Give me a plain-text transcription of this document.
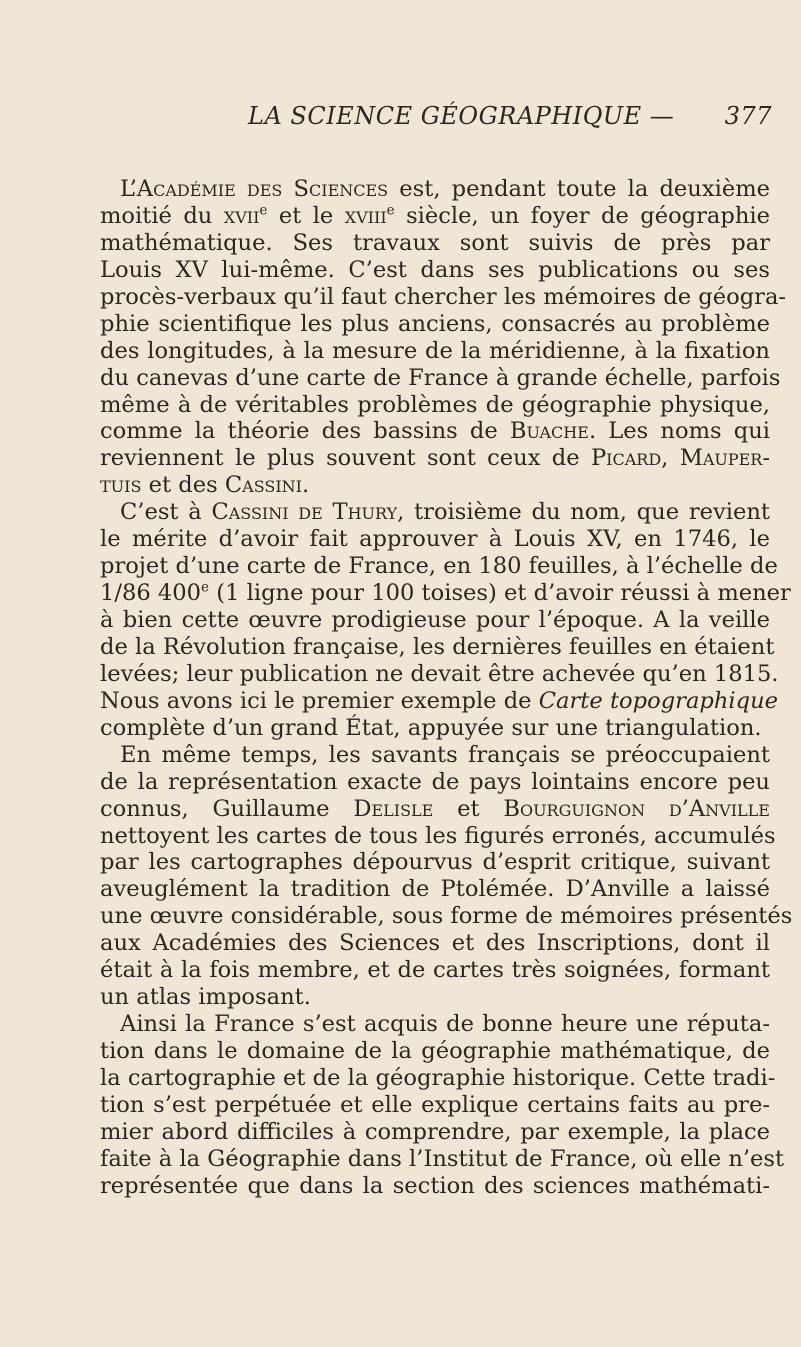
LA SCIENCE GÉOGRAPHIQUE — 377
L’Académie des Sciences est, pendant toute la deuxième
moitié du xvii$^e$ et le xviii$^e$ siècle, un foyer de géographie
mathématique. Ses travaux sont suivis de près par
Louis XV lui-même. C’est dans ses publications ou ses
procès-verbaux qu’il faut chercher les mémoires de géogra-
phie scientifique les plus anciens, consacrés au problème
des longitudes, à la mesure de la méridienne, à la fixation
du canevas d’une carte de France à grande échelle, parfois
même à de véritables problèmes de géographie physique,
comme la théorie des bassins de Buache. Les noms qui
reviennent le plus souvent sont ceux de Picard, Mauper-
tuis et des Cassini.
C’est à Cassini de Thury, troisième du nom, que revient
le mérite d’avoir fait approuver à Louis XV, en 1746, le
projet d’une carte de France, en 180 feuilles, à l’échelle de
1/86 400e (1 ligne pour 100 toises) et d’avoir réussi à mener
à bien cette œuvre prodigieuse pour l’époque. A la veille
de la Révolution française, les dernières feuilles en étaient
levées; leur publication ne devait être achevée qu’en 1815.
Nous avons ici le premier exemple de Carte topographique
complète d’un grand État, appuyée sur une triangulation.
En même temps, les savants français se préoccupaient
de la représentation exacte de pays lointains encore peu
connus, Guillaume Delisle et Bourguignon d’Anville
nettoyent les cartes de tous les figurés erronés, accumulés
par les cartographes dépourvus d’esprit critique, suivant
aveuglément la tradition de Ptolémée. D’Anville a laissé
une œuvre considérable, sous forme de mémoires présentés
aux Académies des Sciences et des Inscriptions, dont il
était à la fois membre, et de cartes très soignées, formant
un atlas imposant.
Ainsi la France s’est acquis de bonne heure une réputa-
tion dans le domaine de la géographie mathématique, de
la cartographie et de la géographie historique. Cette tradi-
tion s’est perpétuée et elle explique certains faits au pre-
mier abord difficiles à comprendre, par exemple, la place
faite à la Géographie dans l’Institut de France, où elle n’est
représentée que dans la section des sciences mathémati-
